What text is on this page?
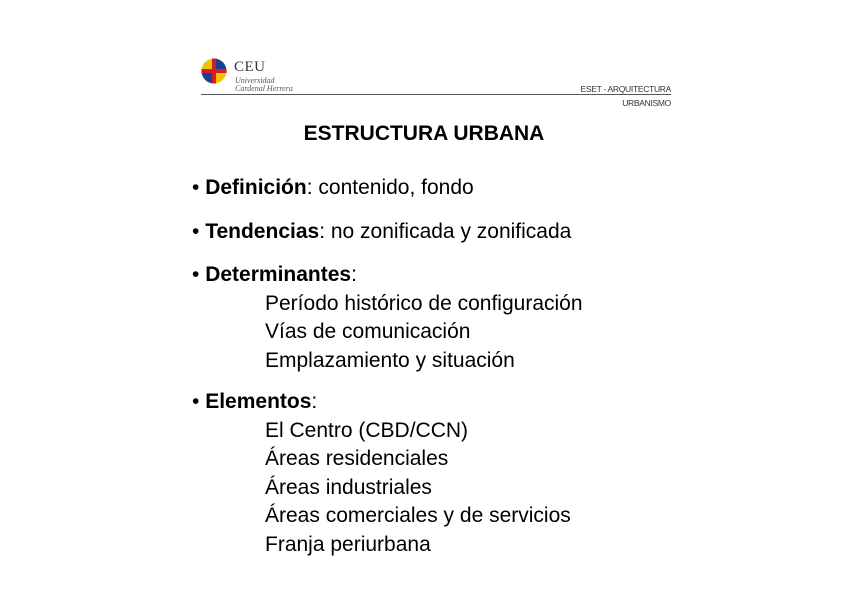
CEU
Universidad
Cardenal Herrera	ESET - ARQUITECTURA
URBANISMO
ESTRUCTURA URBANA

• Definición: contenido, fondo

• Tendencias: no zonificada y zonificada

• Determinantes:
Período histórico de configuración
Vías de comunicación
Emplazamiento y situación
• Elementos:
El Centro (CBD/CCN)
Áreas residenciales
Áreas industriales
Áreas comerciales y de servicios
Franja periurbana
